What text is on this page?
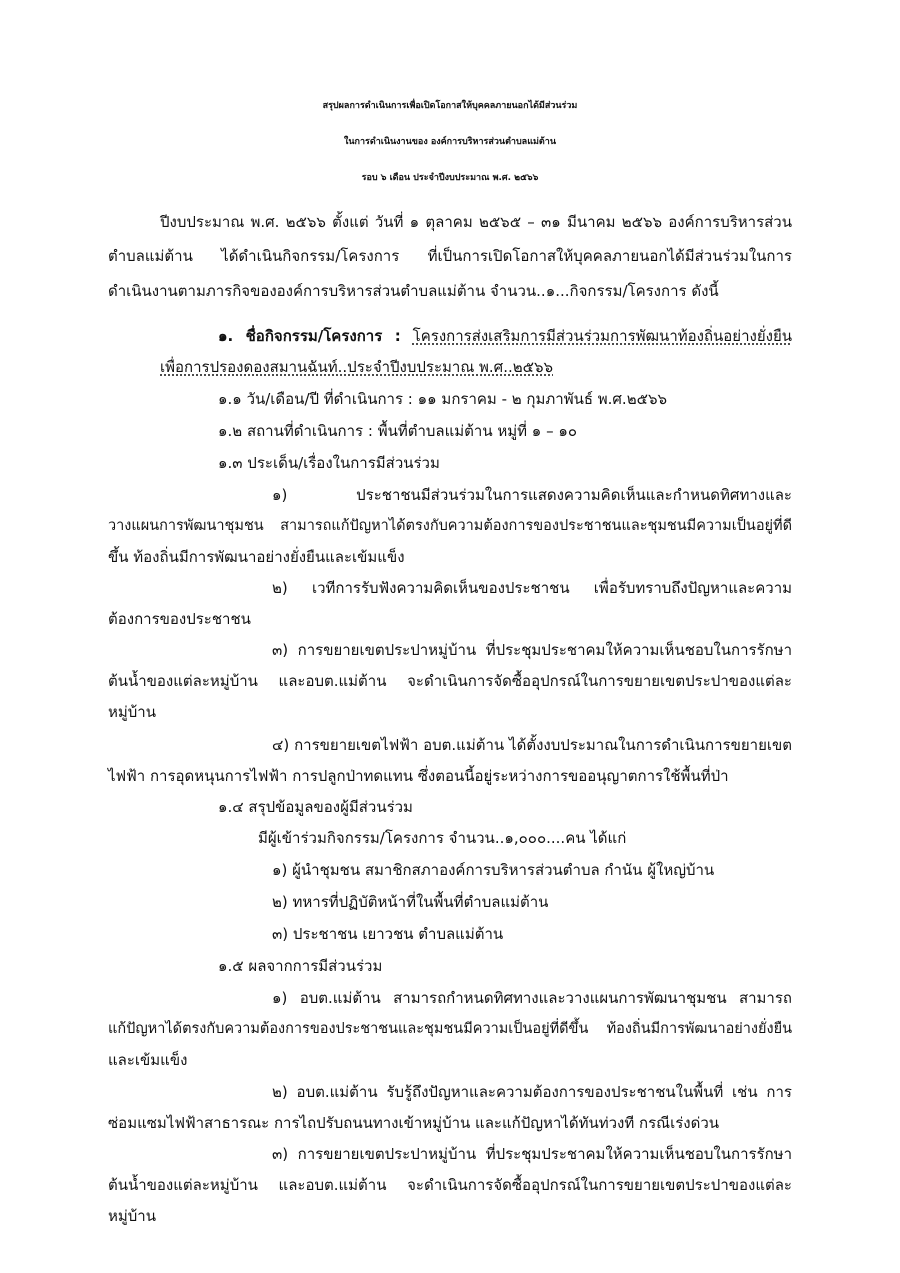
สรุปผลการดำเนินการเพื่อเปิดโอกาสให้บุคคลภายนอกได้มีส่วนร่วม
ในการดำเนินงานของ องค์การบริหารส่วนตำบลแม่ต้าน
รอบ ๖ เดือน ประจำปีงบประมาณ พ.ศ. ๒๕๖๖
ปีงบประมาณ พ.ศ. ๒๕๖๖ ตั้งแต่ วันที่ ๑ ตุลาคม ๒๕๖๕ – ๓๑ มีนาคม ๒๕๖๖ องค์การบริหารส่วน
ตำบลแม่ต้าน ได้ดำเนินกิจกรรม/โครงการ ที่เป็นการเปิดโอกาสให้บุคคลภายนอกได้มีส่วนร่วมในการ
ดำเนินงานตามภารกิจขององค์การบริหารส่วนตำบลแม่ต้าน จำนวน..๑...กิจกรรม/โครงการ ดังนี้
๑. ชื่อกิจกรรม/โครงการ : โครงการส่งเสริมการมีส่วนร่วมการพัฒนาท้องถิ่นอย่างยั่งยืน
เพื่อการปรองดองสมานฉันท์..ประจำปีงบประมาณ พ.ศ..๒๕๖๖
๑.๑ วัน/เดือน/ปี ที่ดำเนินการ : ๑๑ มกราคม - ๒ กุมภาพันธ์ พ.ศ.๒๕๖๖
๑.๒ สถานที่ดำเนินการ : พื้นที่ตำบลแม่ต้าน หมู่ที่ ๑ – ๑๐
๑.๓ ประเด็น/เรื่องในการมีส่วนร่วม
๑) ประชาชนมีส่วนร่วมในการแสดงความคิดเห็นและกำหนดทิศทางและ
วางแผนการพัฒนาชุมชน สามารถแก้ปัญหาได้ตรงกับความต้องการของประชาชนและชุมชนมีความเป็นอยู่ที่ดี
ขึ้น ท้องถิ่นมีการพัฒนาอย่างยั่งยืนและเข้มแข็ง
๒) เวทีการรับฟังความคิดเห็นของประชาชน เพื่อรับทราบถึงปัญหาและความ
ต้องการของประชาชน
๓) การขยายเขตประปาหมู่บ้าน ที่ประชุมประชาคมให้ความเห็นชอบในการรักษา
ต้นน้ำของแต่ละหมู่บ้าน และอบต.แม่ต้าน จะดำเนินการจัดซื้ออุปกรณ์ในการขยายเขตประปาของแต่ละ
หมู่บ้าน
๔) การขยายเขตไฟฟ้า อบต.แม่ต้าน ได้ตั้งงบประมาณในการดำเนินการขยายเขต
ไฟฟ้า การอุดหนุนการไฟฟ้า การปลูกป่าทดแทน ซึ่งตอนนี้อยู่ระหว่างการขออนุญาตการใช้พื้นที่ป่า
๑.๔ สรุปข้อมูลของผู้มีส่วนร่วม
มีผู้เข้าร่วมกิจกรรม/โครงการ จำนวน..๑,๐๐๐....คน ได้แก่
๑) ผู้นำชุมชน สมาชิกสภาองค์การบริหารส่วนตำบล กำนัน ผู้ใหญ่บ้าน
๒) ทหารที่ปฏิบัติหน้าที่ในพื้นที่ตำบลแม่ต้าน
๓) ประชาชน เยาวชน ตำบลแม่ต้าน
๑.๕ ผลจากการมีส่วนร่วม
๑) อบต.แม่ต้าน สามารถกำหนดทิศทางและวางแผนการพัฒนาชุมชน สามารถ
แก้ปัญหาได้ตรงกับความต้องการของประชาชนและชุมชนมีความเป็นอยู่ที่ดีขึ้น ท้องถิ่นมีการพัฒนาอย่างยั่งยืน
และเข้มแข็ง
๒) อบต.แม่ต้าน รับรู้ถึงปัญหาและความต้องการของประชาชนในพื้นที่ เช่น การ
ซ่อมแซมไฟฟ้าสาธารณะ การไถปรับถนนทางเข้าหมู่บ้าน และแก้ปัญหาได้ทันท่วงที กรณีเร่งด่วน
๓) การขยายเขตประปาหมู่บ้าน ที่ประชุมประชาคมให้ความเห็นชอบในการรักษา
ต้นน้ำของแต่ละหมู่บ้าน และอบต.แม่ต้าน จะดำเนินการจัดซื้ออุปกรณ์ในการขยายเขตประปาของแต่ละ
หมู่บ้าน
